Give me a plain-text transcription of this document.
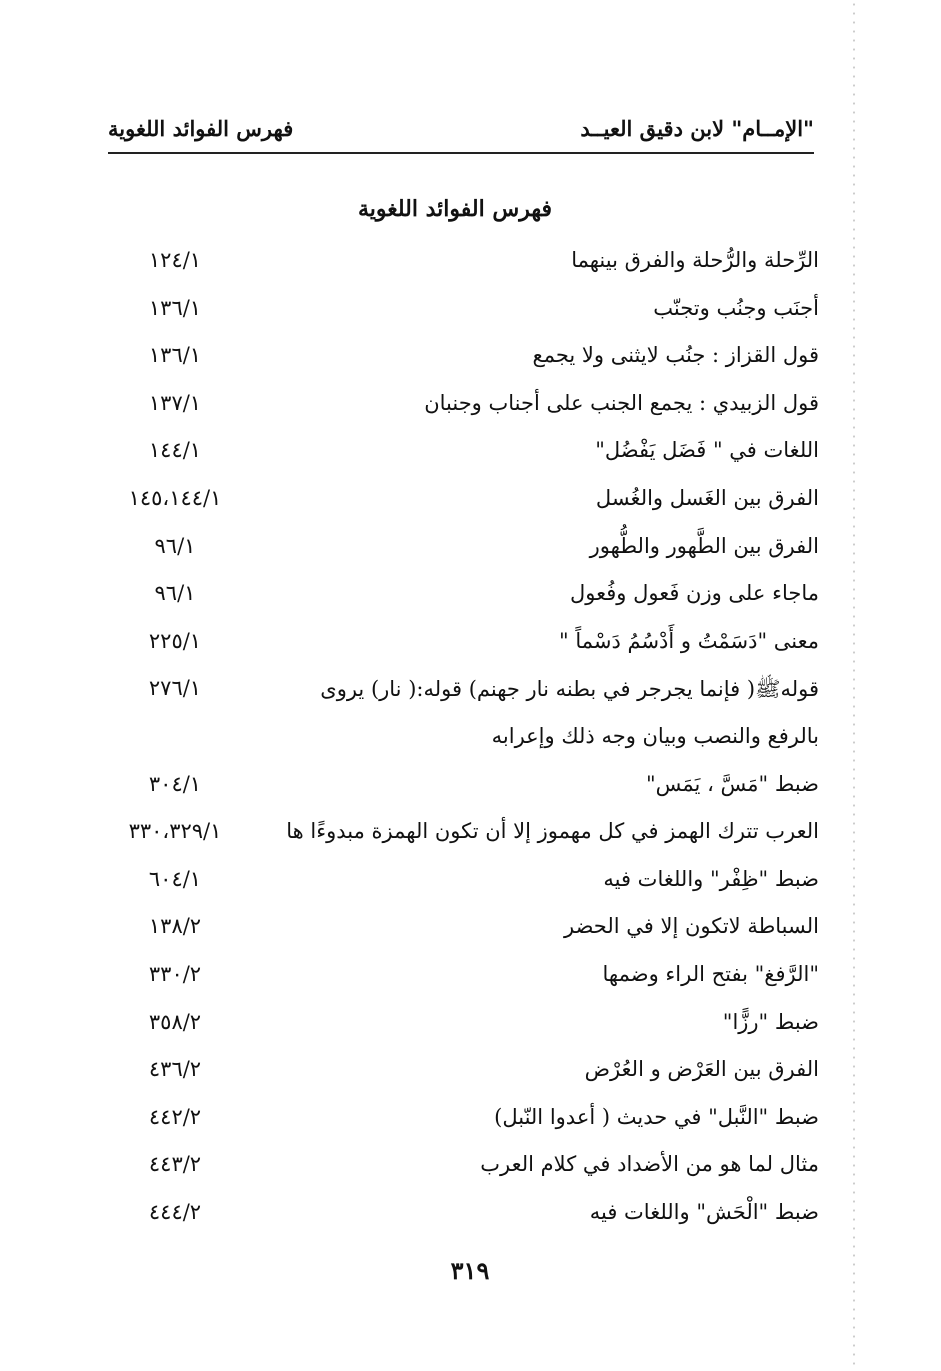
"الإمــام" لابن دقيق العيــد
فهرس الفوائد اللغوية
فهرس الفوائد اللغوية
الرِّحلة والرُّحلة والفرق بينهما
١٢٤/١
أجنَب وجنُب وتجنّب
١٣٦/١
قول القزاز : جنُب لايثنى ولا يجمع
١٣٦/١
قول الزبيدي : يجمع الجنب على أجناب وجنبان
١٣٧/١
اللغات في " فَضَل يَفْضُل"
١٤٤/١
الفرق بين الغَسل والغُسل
١٤٥،١٤٤/١
الفرق بين الطَّهور والطُّهور
٩٦/١
ماجاء على وزن فَعول وفُعول
٩٦/١
معنى "دَسَمْتُ و أَدْسُمُ دَسْماً "
٢٢٥/١
قولهﷺ( فإنما يجرجر في بطنه نار جهنم) قوله:( نار) يروى
٢٧٦/١
بالرفع والنصب وبيان وجه ذلك وإعرابه
ضبط "مَسَّ ، يَمَس"
٣٠٤/١
العرب تترك الهمز في كل مهموز إلا أن تكون الهمزة مبدوءًا ها
٣٣٠،٣٢٩/١
ضبط "ظِفْر" واللغات فيه
٦٠٤/١
السباطة لاتكون إلا في الحضر
١٣٨/٢
"الرَّفغ" بفتح الراء وضمها
٣٣٠/٢
ضبط "رزًّا"
٣٥٨/٢
الفرق بين العَرْض و العُرْض
٤٣٦/٢
ضبط "النَّبل" في حديث ( أعدوا النّبل)
٤٤٢/٢
مثال لما هو من الأضداد في كلام العرب
٤٤٣/٢
ضبط "الْحَش" واللغات فيه
٤٤٤/٢
٣١٩
